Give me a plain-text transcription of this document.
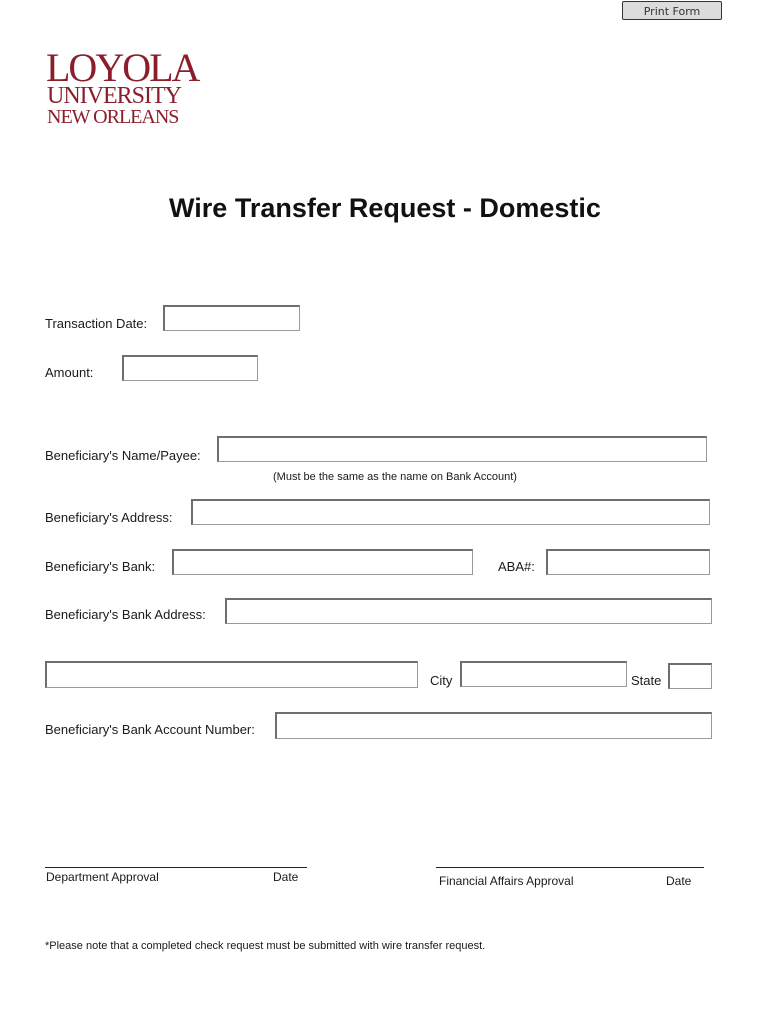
Print Form
LOYOLA
UNIVERSITY
NEW ORLEANS
Wire Transfer Request - Domestic
Transaction Date:
Amount:
Beneficiary's Name/Payee:
(Must be the same as the name on Bank Account)
Beneficiary's Address:
Beneficiary's Bank:	ABA#:
Beneficiary's Bank Address:
City	State
Beneficiary's Bank Account Number:
Department Approval	Date	Financial Affairs Approval	Date
*Please note that a completed check request must be submitted with wire transfer request.
